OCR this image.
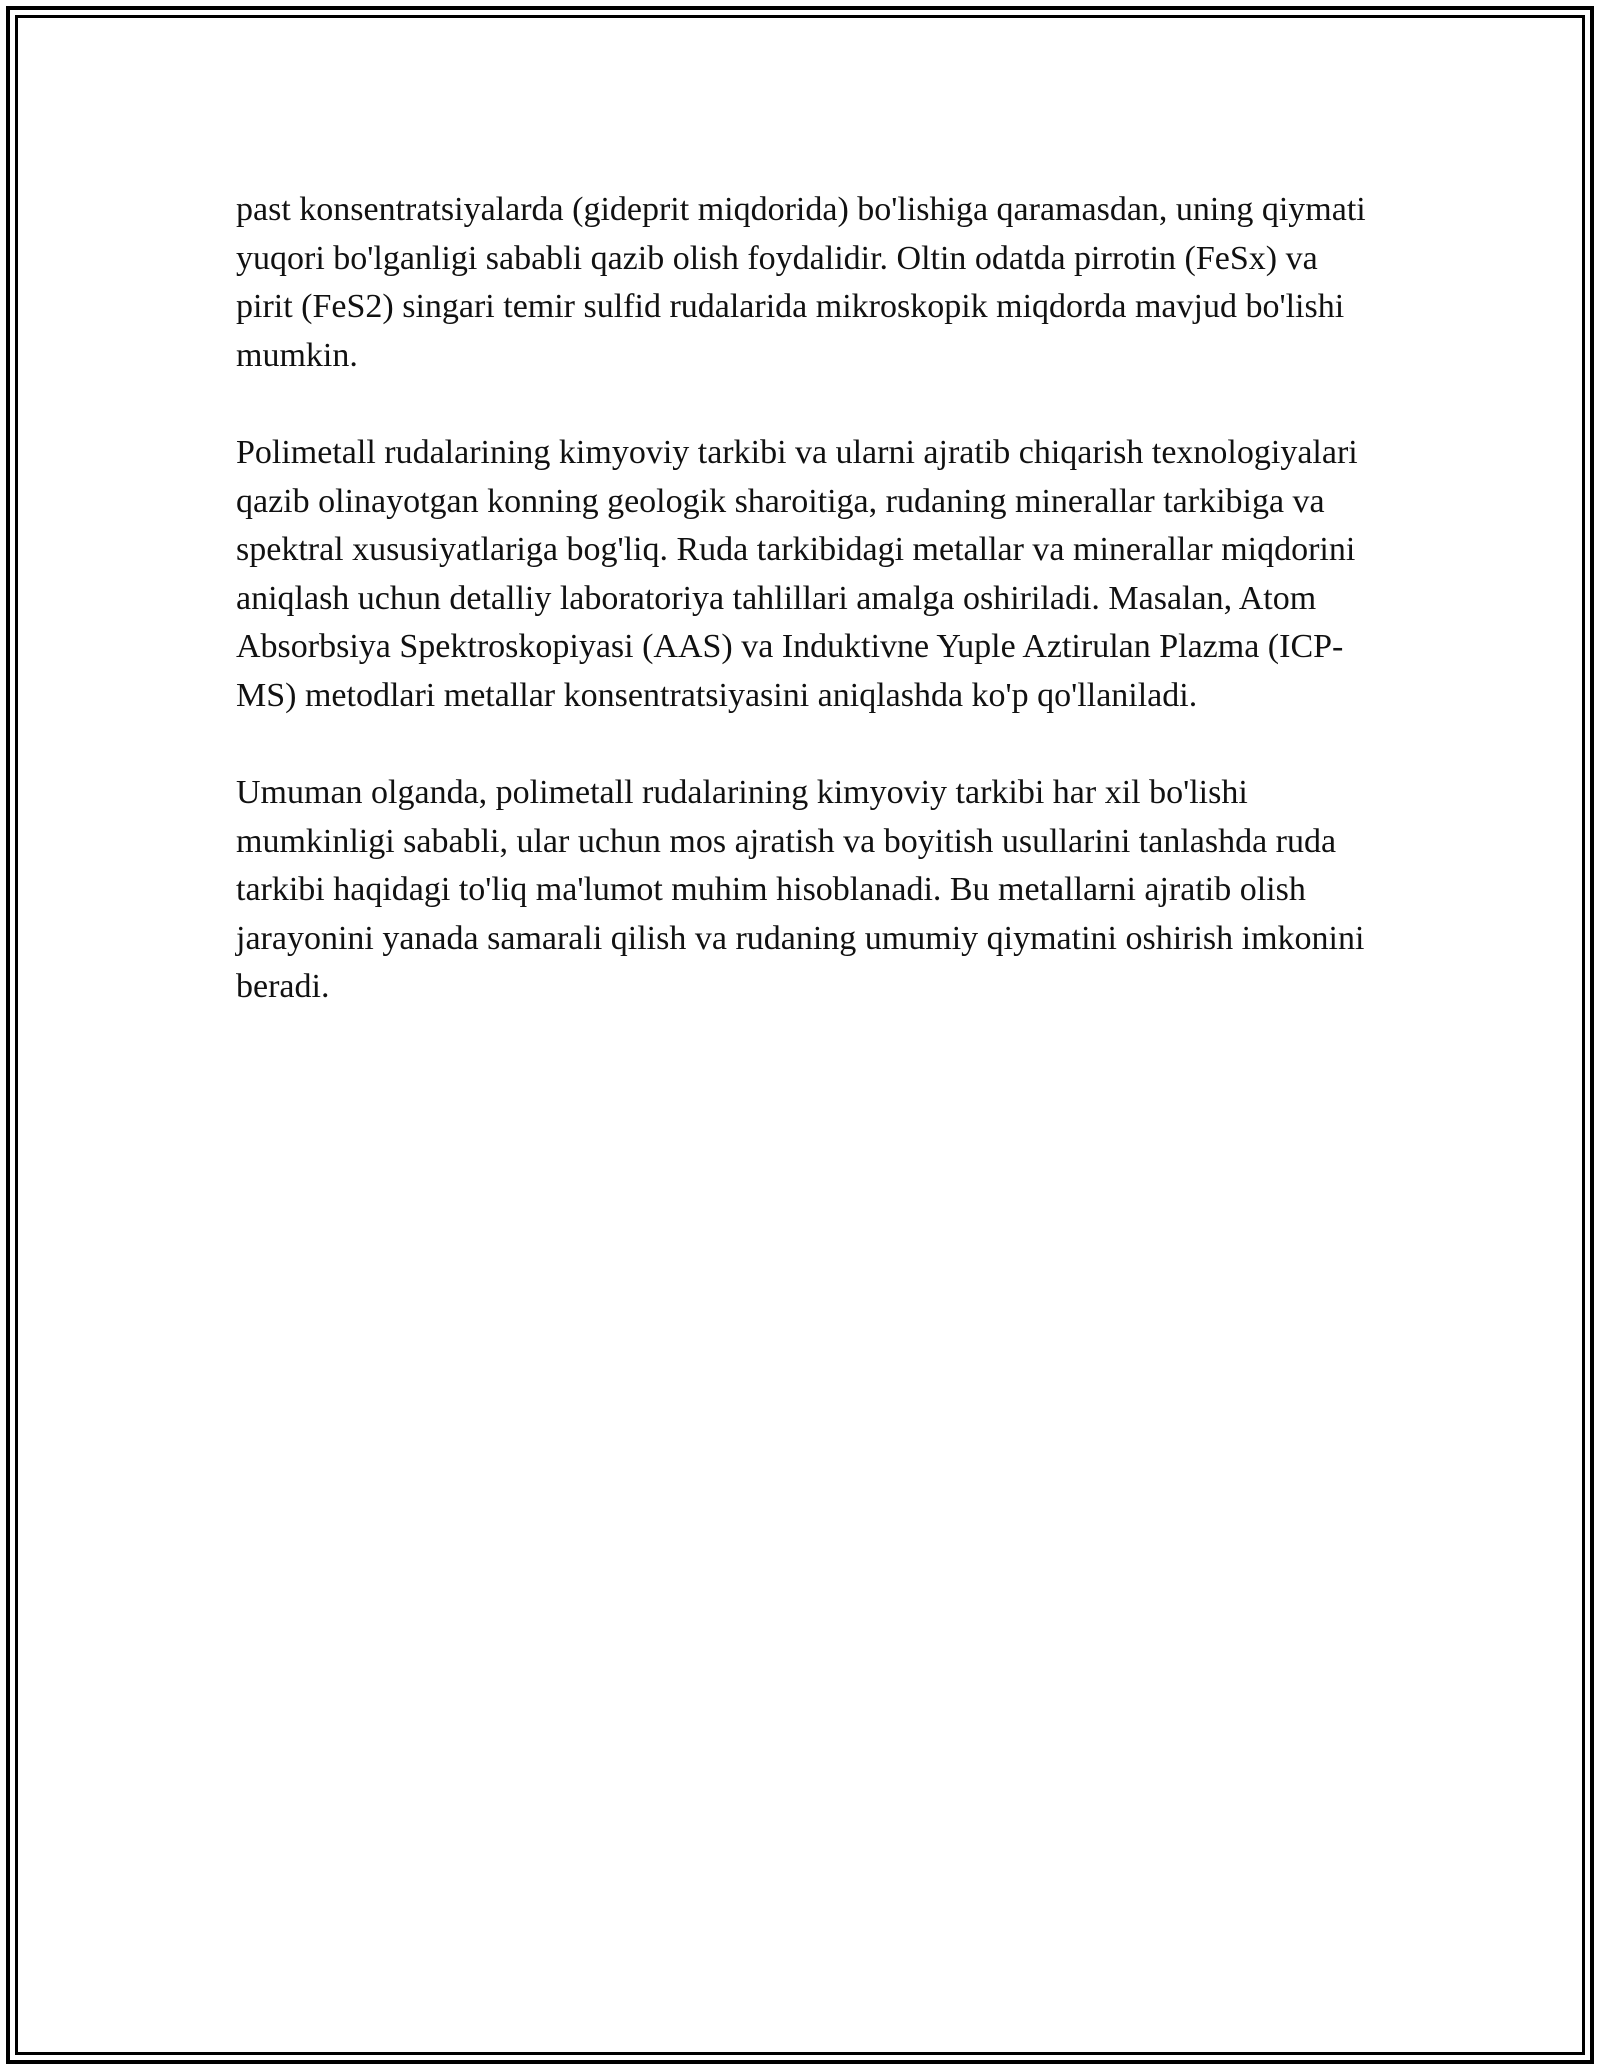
past konsentratsiyalarda (gideprit miqdorida) bo'lishiga qaramasdan, uning qiymati yuqori bo'lganligi sababli qazib olish foydalidir. Oltin odatda pirrotin (FeSx) va pirit (FeS2) singari temir sulfid rudalarida mikroskopik miqdorda mavjud bo'lishi mumkin.

Polimetall rudalarining kimyoviy tarkibi va ularni ajratib chiqarish texnologiyalari qazib olinayotgan konning geologik sharoitiga, rudaning minerallar tarkibiga va spektral xususiyatlariga bog'liq. Ruda tarkibidagi metallar va minerallar miqdorini aniqlash uchun detalliy laboratoriya tahlillari amalga oshiriladi. Masalan, Atom Absorbsiya Spektroskopiyasi (AAS) va Induktivne Yuple Aztirulan Plazma (ICP-MS) metodlari metallar konsentratsiyasini aniqlashda ko'p qo'llaniladi.

Umuman olganda, polimetall rudalarining kimyoviy tarkibi har xil bo'lishi mumkinligi sababli, ular uchun mos ajratish va boyitish usullarini tanlashda ruda tarkibi haqidagi to'liq ma'lumot muhim hisoblanadi. Bu metallarni ajratib olish jarayonini yanada samarali qilish va rudaning umumiy qiymatini oshirish imkonini beradi.
